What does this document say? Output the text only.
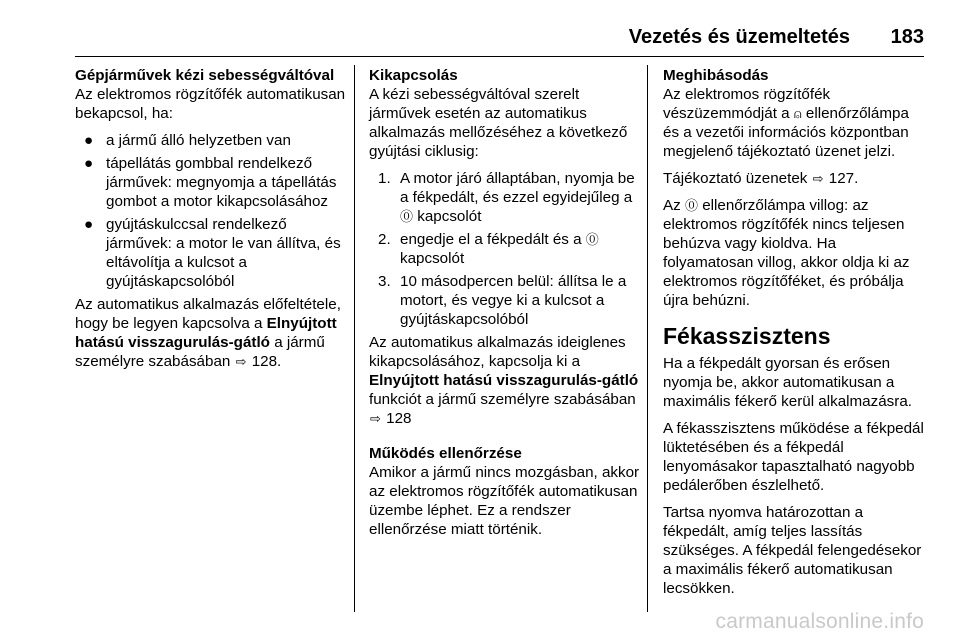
Vezetés és üzemeltetés 183

Gépjárművek kézi sebességváltóval

Az elektromos rögzítőfék automatikusan bekapcsol, ha:

● a jármű álló helyzetben van
● tápellátás gombbal rendelkező járművek: megnyomja a tápellátás gombot a motor kikapcsolásához
● gyújtáskulccsal rendelkező járművek: a motor le van állítva, és eltávolítja a kulcsot a gyújtáskapcsolóból

Az automatikus alkalmazás előfeltétele, hogy be legyen kapcsolva a Elnyújtott hatású visszagurulás-gátló a jármű személyre szabásában ⇨ 128.

Kikapcsolás

A kézi sebességváltóval szerelt járművek esetén az automatikus alkalmazás mellőzéséhez a következő gyújtási ciklusig:

1. A motor járó állaptában, nyomja be a fékpedált, és ezzel egyidejűleg a ⓪ kapcsolót
2. engedje el a fékpedált és a ⓪ kapcsolót
3. 10 másodpercen belül: állítsa le a motort, és vegye ki a kulcsot a gyújtáskapcsolóból

Az automatikus alkalmazás ideiglenes kikapcsolásához, kapcsolja ki a Elnyújtott hatású visszagurulás-gátló funkciót a jármű személyre szabásában ⇨ 128

Működés ellenőrzése

Amikor a jármű nincs mozgásban, akkor az elektromos rögzítőfék automatikusan üzembe léphet. Ez a rendszer ellenőrzése miatt történik.

Meghibásodás

Az elektromos rögzítőfék vészüzemmódját a ⍝ ellenőrzőlámpa és a vezetői információs központban megjelenő tájékoztató üzenet jelzi.

Tájékoztató üzenetek ⇨ 127.

Az ⓪ ellenőrzőlámpa villog: az elektromos rögzítőfék nincs teljesen behúzva vagy kioldva. Ha folyamatosan villog, akkor oldja ki az elektromos rögzítőféket, és próbálja újra behúzni.

Fékasszisztens

Ha a fékpedált gyorsan és erősen nyomja be, akkor automatikusan a maximális fékerő kerül alkalmazásra.

A fékasszisztens működése a fékpedál lüktetésében és a fékpedál lenyomásakor tapasztalható nagyobb pedálerőben észlelhető.

Tartsa nyomva határozottan a fékpedált, amíg teljes lassítás szükséges. A fékpedál felengedésekor a maximális fékerő automatikusan lecsökken.

carmanualsonline.info
